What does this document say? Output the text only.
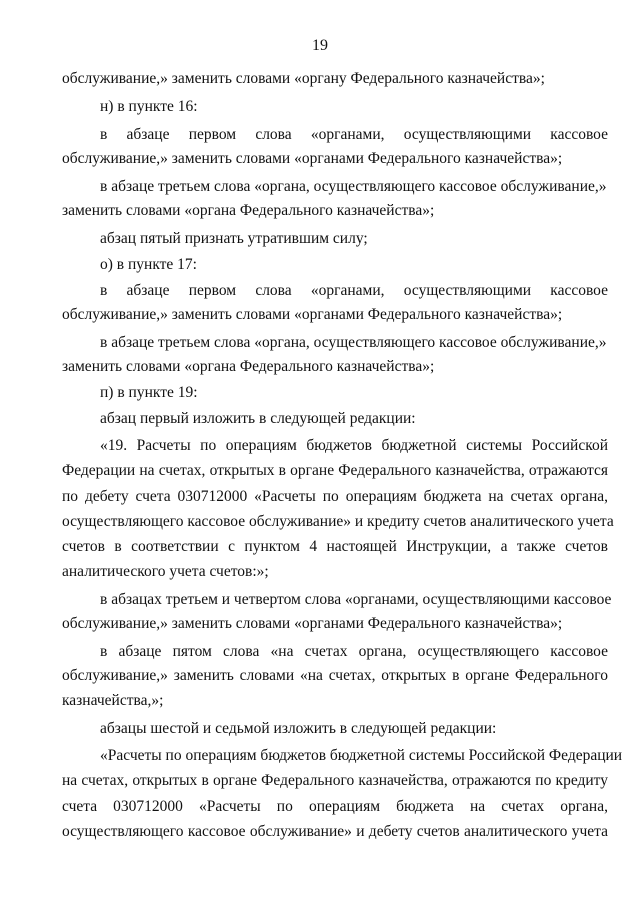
19
обслуживание,» заменить словами «органу Федерального казначейства»;
н) в пункте 16:
в абзаце первом слова «органами, осуществляющими кассовое
обслуживание,» заменить словами «органами Федерального казначейства»;
в абзаце третьем слова «органа, осуществляющего кассовое обслуживание,»
заменить словами «органа Федерального казначейства»;
абзац пятый признать утратившим силу;
о) в пункте 17:
в абзаце первом слова «органами, осуществляющими кассовое
обслуживание,» заменить словами «органами Федерального казначейства»;
в абзаце третьем слова «органа, осуществляющего кассовое обслуживание,»
заменить словами «органа Федерального казначейства»;
п) в пункте 19:
абзац первый изложить в следующей редакции:
«19. Расчеты по операциям бюджетов бюджетной системы Российской
Федерации на счетах, открытых в органе Федерального казначейства, отражаются
по дебету счета 030712000 «Расчеты по операциям бюджета на счетах органа,
осуществляющего кассовое обслуживание» и кредиту счетов аналитического учета
счетов в соответствии с пунктом 4 настоящей Инструкции, а также счетов
аналитического учета счетов:»;
в абзацах третьем и четвертом слова «органами, осуществляющими кассовое
обслуживание,» заменить словами «органами Федерального казначейства»;
в абзаце пятом слова «на счетах органа, осуществляющего кассовое
обслуживание,» заменить словами «на счетах, открытых в органе Федерального
казначейства,»;
абзацы шестой и седьмой изложить в следующей редакции:
«Расчеты по операциям бюджетов бюджетной системы Российской Федерации
на счетах, открытых в органе Федерального казначейства, отражаются по кредиту
счета 030712000 «Расчеты по операциям бюджета на счетах органа,
осуществляющего кассовое обслуживание» и дебету счетов аналитического учета
